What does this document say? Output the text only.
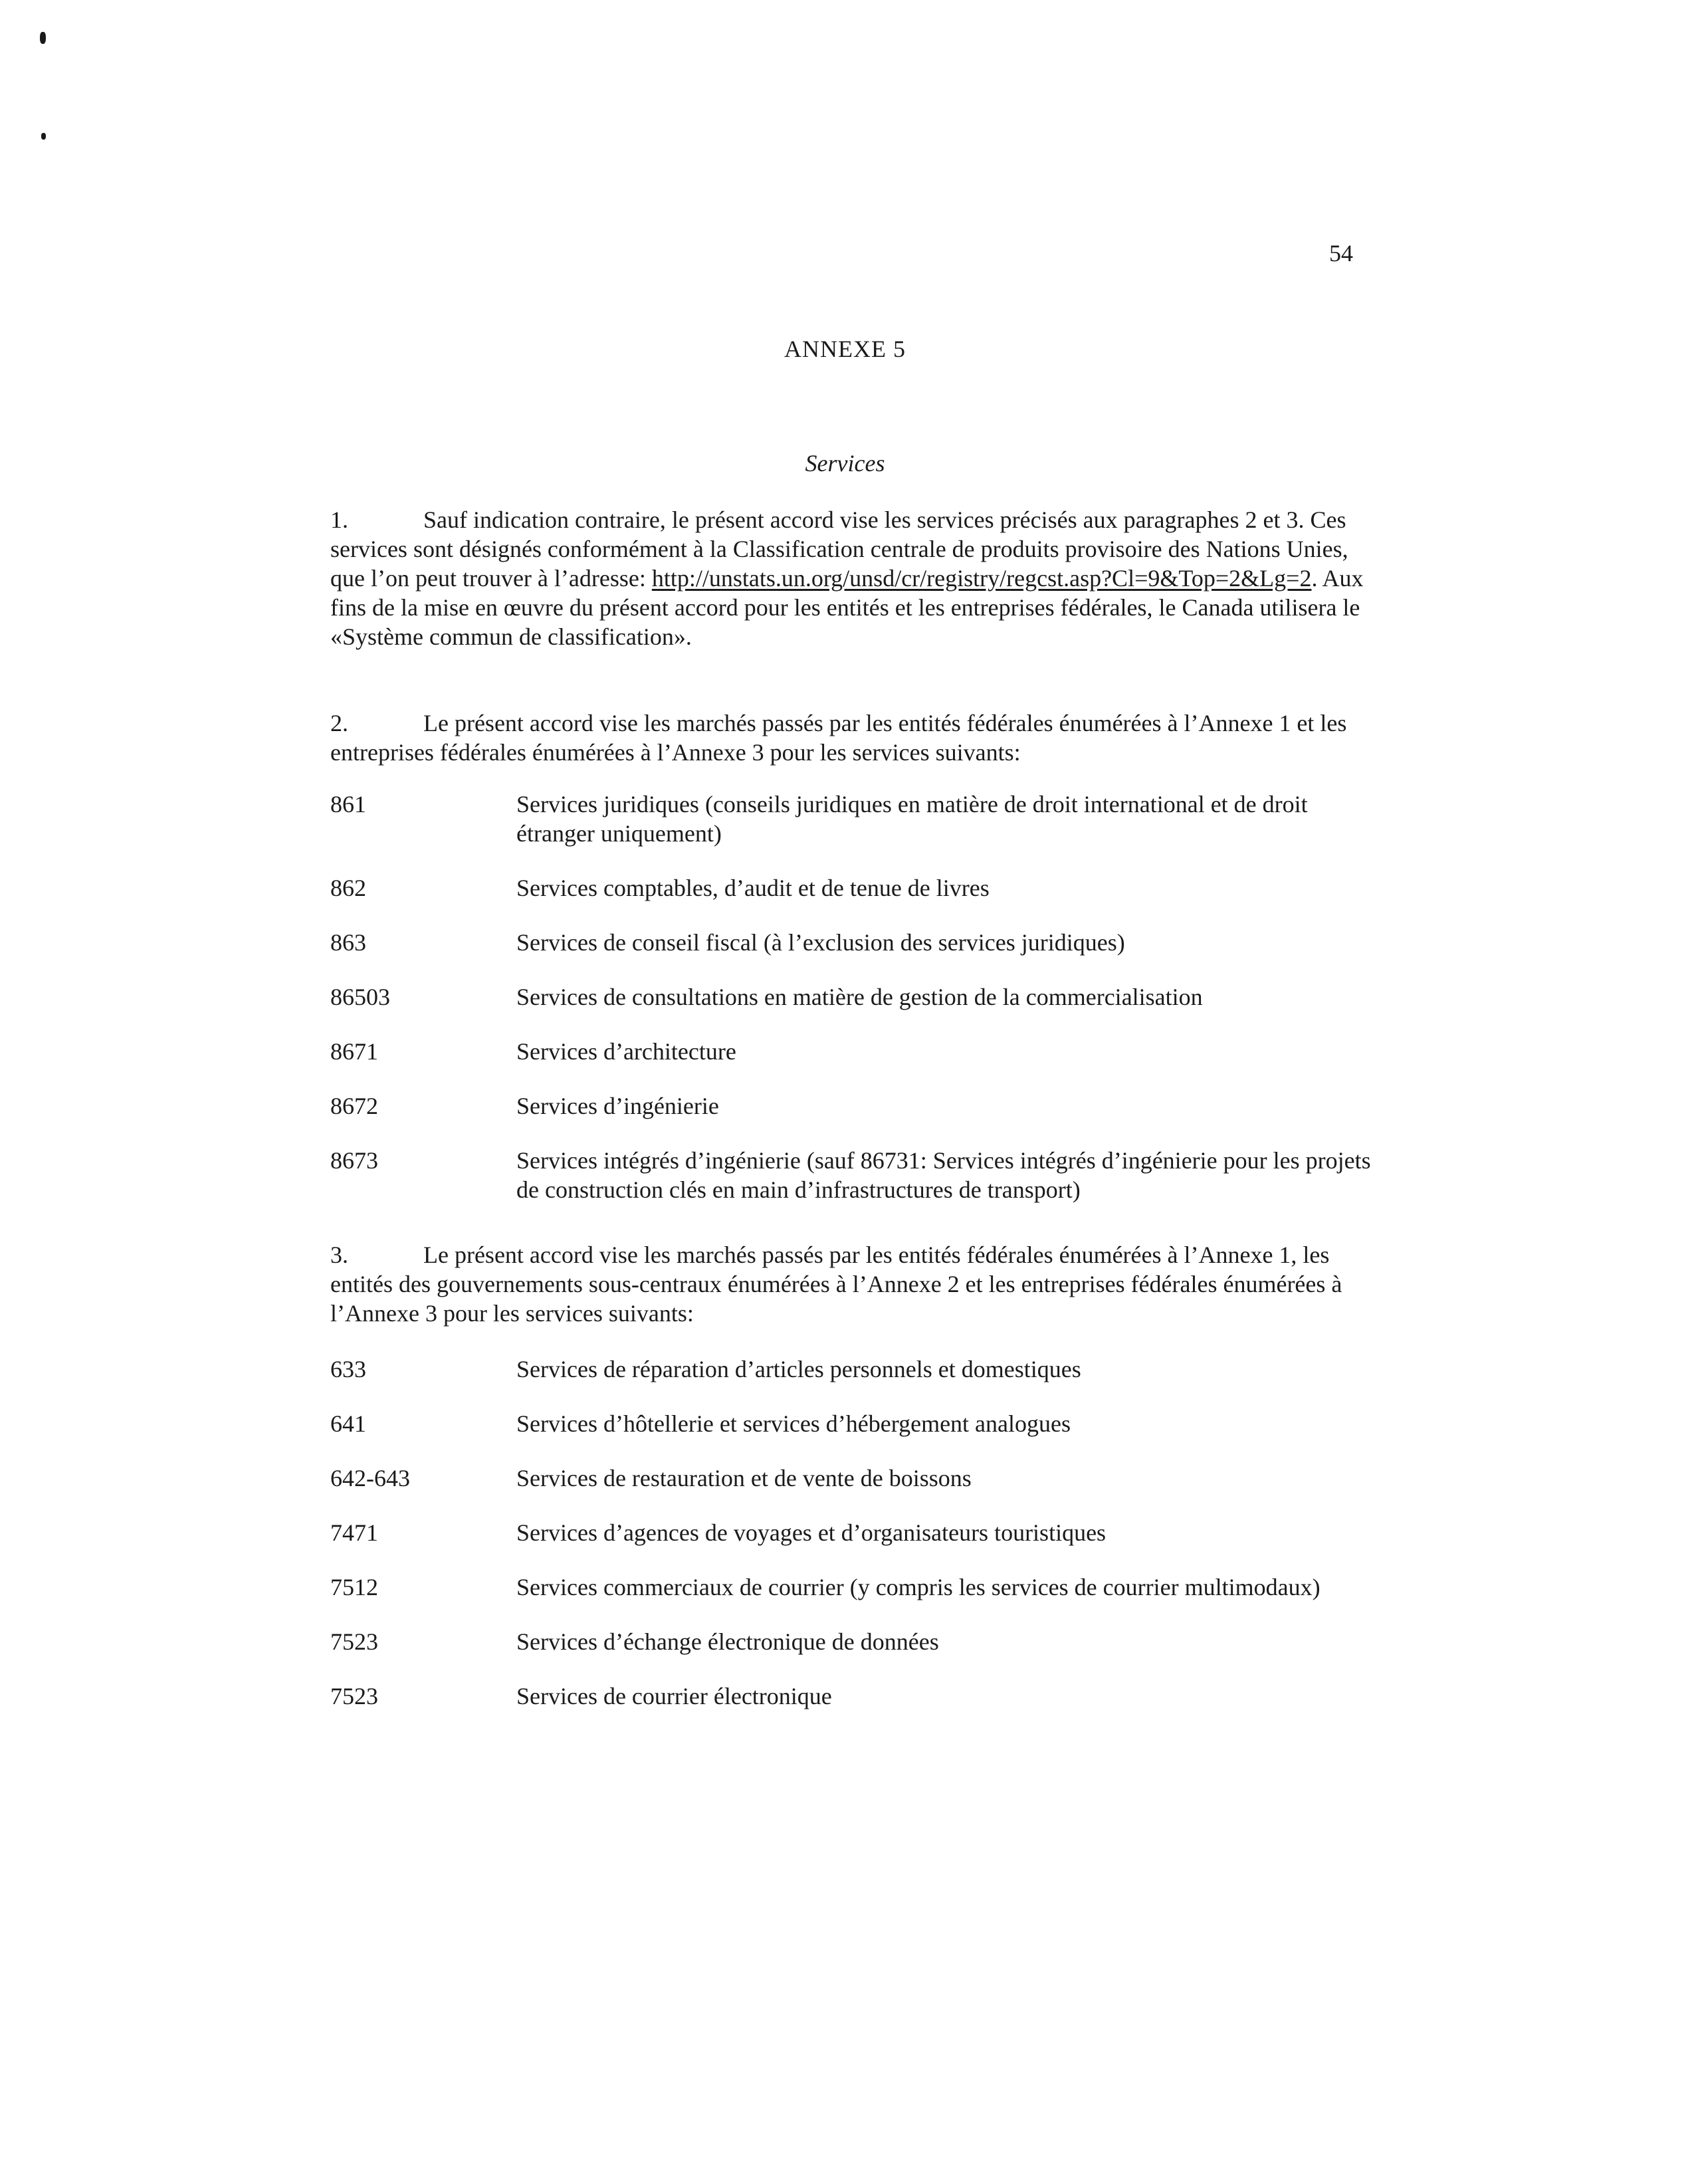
54
ANNEXE 5
Services

1.	Sauf indication contraire, le présent accord vise les services précisés aux paragraphes 2 et 3. Ces services sont désignés conformément à la Classification centrale de produits provisoire des Nations Unies, que l’on peut trouver à l’adresse: http://unstats.un.org/unsd/cr/registry/regcst.asp?Cl=9&Top=2&Lg=2. Aux fins de la mise en œuvre du présent accord pour les entités et les entreprises fédérales, le Canada utilisera le «Système commun de classification».

2.	Le présent accord vise les marchés passés par les entités fédérales énumérées à l’Annexe 1 et les entreprises fédérales énumérées à l’Annexe 3 pour les services suivants:

861	Services juridiques (conseils juridiques en matière de droit international et de droit étranger uniquement)
862	Services comptables, d’audit et de tenue de livres
863	Services de conseil fiscal (à l’exclusion des services juridiques)
86503	Services de consultations en matière de gestion de la commercialisation
8671	Services d’architecture
8672	Services d’ingénierie
8673	Services intégrés d’ingénierie (sauf 86731: Services intégrés d’ingénierie pour les projets de construction clés en main d’infrastructures de transport)

3.	Le présent accord vise les marchés passés par les entités fédérales énumérées à l’Annexe 1, les entités des gouvernements sous-centraux énumérées à l’Annexe 2 et les entreprises fédérales énumérées à l’Annexe 3 pour les services suivants:

633	Services de réparation d’articles personnels et domestiques
641	Services d’hôtellerie et services d’hébergement analogues
642-643	Services de restauration et de vente de boissons
7471	Services d’agences de voyages et d’organisateurs touristiques
7512	Services commerciaux de courrier (y compris les services de courrier multimodaux)
7523	Services d’échange électronique de données
7523	Services de courrier électronique
